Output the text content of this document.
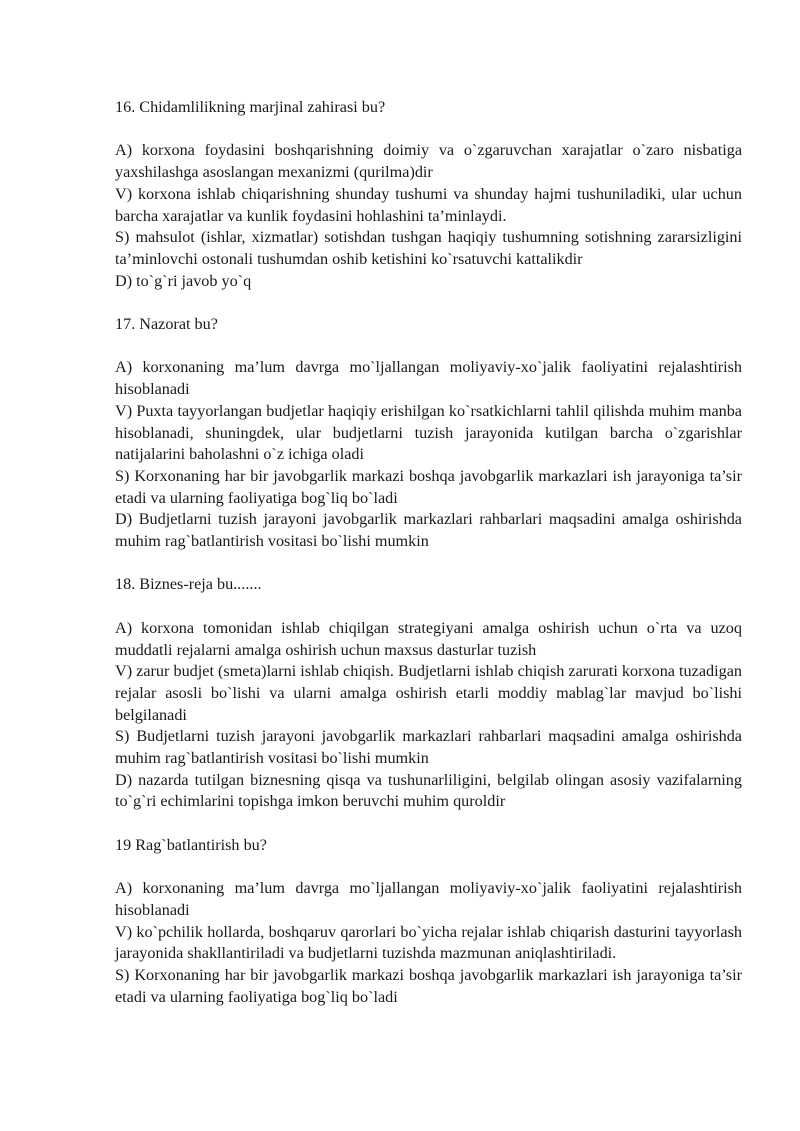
16. Chidamlilikning marjinal zahirasi bu?

A) korxona foydasini boshqarishning doimiy va o`zgaruvchan xarajatlar o`zaro nisbatiga yaxshilashga asoslangan mexanizmi (qurilma)dir

V) korxona ishlab chiqarishning shunday tushumi va shunday hajmi tushuniladiki, ular uchun barcha xarajatlar va kunlik foydasini hohlashini ta’minlaydi.

S) mahsulot (ishlar, xizmatlar) sotishdan tushgan haqiqiy tushumning sotishning zararsizligini ta’minlovchi ostonali tushumdan oshib ketishini ko`rsatuvchi kattalikdir

D) to`g`ri javob yo`q

17. Nazorat bu?

A) korxonaning ma’lum davrga mo`ljallangan moliyaviy-xo`jalik faoliyatini rejalashtirish hisoblanadi

V) Puxta tayyorlangan budjetlar haqiqiy erishilgan ko`rsatkichlarni tahlil qilishda muhim manba hisoblanadi, shuningdek, ular budjetlarni tuzish jarayonida kutilgan barcha o`zgarishlar natijalarini baholashni o`z ichiga oladi

S) Korxonaning har bir javobgarlik markazi boshqa javobgarlik markazlari ish jarayoniga ta’sir etadi va ularning faoliyatiga bog`liq bo`ladi

D) Budjetlarni tuzish jarayoni javobgarlik markazlari rahbarlari maqsadini amalga oshirishda muhim rag`batlantirish vositasi bo`lishi mumkin

18. Biznes-reja bu.......

A) korxona tomonidan ishlab chiqilgan strategiyani amalga oshirish uchun o`rta va uzoq muddatli rejalarni amalga oshirish uchun maxsus dasturlar tuzish

V) zarur budjet (smeta)larni ishlab chiqish. Budjetlarni ishlab chiqish zarurati korxona tuzadigan rejalar asosli bo`lishi va ularni amalga oshirish etarli moddiy mablag`lar mavjud bo`lishi belgilanadi

S) Budjetlarni tuzish jarayoni javobgarlik markazlari rahbarlari maqsadini amalga oshirishda muhim rag`batlantirish vositasi bo`lishi mumkin

D) nazarda tutilgan biznesning qisqa va tushunarliligini, belgilab olingan asosiy vazifalarning to`g`ri echimlarini topishga imkon beruvchi muhim quroldir

19 Rag`batlantirish bu?

A) korxonaning ma’lum davrga mo`ljallangan moliyaviy-xo`jalik faoliyatini rejalashtirish hisoblanadi

V) ko`pchilik hollarda, boshqaruv qarorlari bo`yicha rejalar ishlab chiqarish dasturini tayyorlash jarayonida shakllantiriladi va budjetlarni tuzishda mazmunan aniqlashtiriladi.

S) Korxonaning har bir javobgarlik markazi boshqa javobgarlik markazlari ish jarayoniga ta’sir etadi va ularning faoliyatiga bog`liq bo`ladi
